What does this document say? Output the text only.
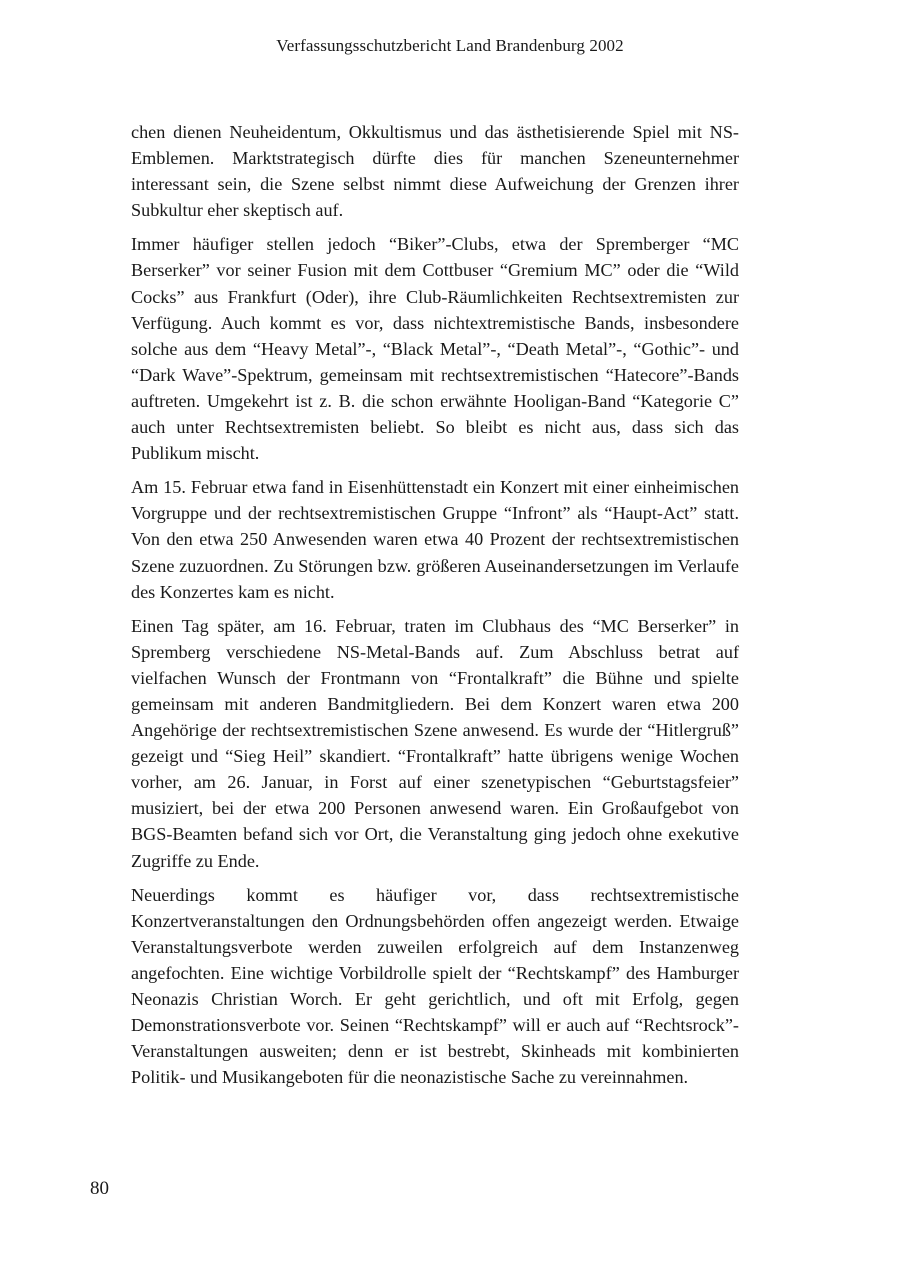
Verfassungsschutzbericht Land Brandenburg 2002

chen dienen Neuheidentum, Okkultismus und das ästhetisierende Spiel mit NS-Emblemen. Marktstrategisch dürfte dies für manchen Szeneunternehmer interessant sein, die Szene selbst nimmt diese Aufweichung der Grenzen ihrer Subkultur eher skeptisch auf.

Immer häufiger stellen jedoch “Biker”-Clubs, etwa der Spremberger “MC Berserker” vor seiner Fusion mit dem Cottbuser “Gremium MC” oder die “Wild Cocks” aus Frankfurt (Oder), ihre Club-Räumlichkeiten Rechtsextremisten zur Verfügung. Auch kommt es vor, dass nichtextremistische Bands, insbesondere solche aus dem “Heavy Metal”-, “Black Metal”-, “Death Metal”-, “Gothic”- und “Dark Wave”-Spektrum, gemeinsam mit rechtsextremistischen “Hatecore”-Bands auftreten. Umgekehrt ist z. B. die schon erwähnte Hooligan-Band “Kategorie C” auch unter Rechtsextremisten beliebt. So bleibt es nicht aus, dass sich das Publikum mischt.

Am 15. Februar etwa fand in Eisenhüttenstadt ein Konzert mit einer einheimischen Vorgruppe und der rechtsextremistischen Gruppe “Infront” als “Haupt-Act” statt. Von den etwa 250 Anwesenden waren etwa 40 Prozent der rechtsextremistischen Szene zuzuordnen. Zu Störungen bzw. größeren Auseinandersetzungen im Verlaufe des Konzertes kam es nicht.

Einen Tag später, am 16. Februar, traten im Clubhaus des “MC Berserker” in Spremberg verschiedene NS-Metal-Bands auf. Zum Abschluss betrat auf vielfachen Wunsch der Frontmann von “Frontalkraft” die Bühne und spielte gemeinsam mit anderen Bandmitgliedern. Bei dem Konzert waren etwa 200 Angehörige der rechtsextremistischen Szene anwesend. Es wurde der “Hitlergruß” gezeigt und “Sieg Heil” skandiert. “Frontalkraft” hatte übrigens wenige Wochen vorher, am 26. Januar, in Forst auf einer szenetypischen “Geburtstagsfeier” musiziert, bei der etwa 200 Personen anwesend waren. Ein Großaufgebot von BGS-Beamten befand sich vor Ort, die Veranstaltung ging jedoch ohne exekutive Zugriffe zu Ende.

Neuerdings kommt es häufiger vor, dass rechtsextremistische Konzertveranstaltungen den Ordnungsbehörden offen angezeigt werden. Etwaige Veranstaltungsverbote werden zuweilen erfolgreich auf dem Instanzenweg angefochten. Eine wichtige Vorbildrolle spielt der “Rechtskampf” des Hamburger Neonazis Christian Worch. Er geht gerichtlich, und oft mit Erfolg, gegen Demonstrationsverbote vor. Seinen “Rechtskampf” will er auch auf “Rechtsrock”-Veranstaltungen ausweiten; denn er ist bestrebt, Skinheads mit kombinierten Politik- und Musikangeboten für die neonazistische Sache zu vereinnahmen.

80
